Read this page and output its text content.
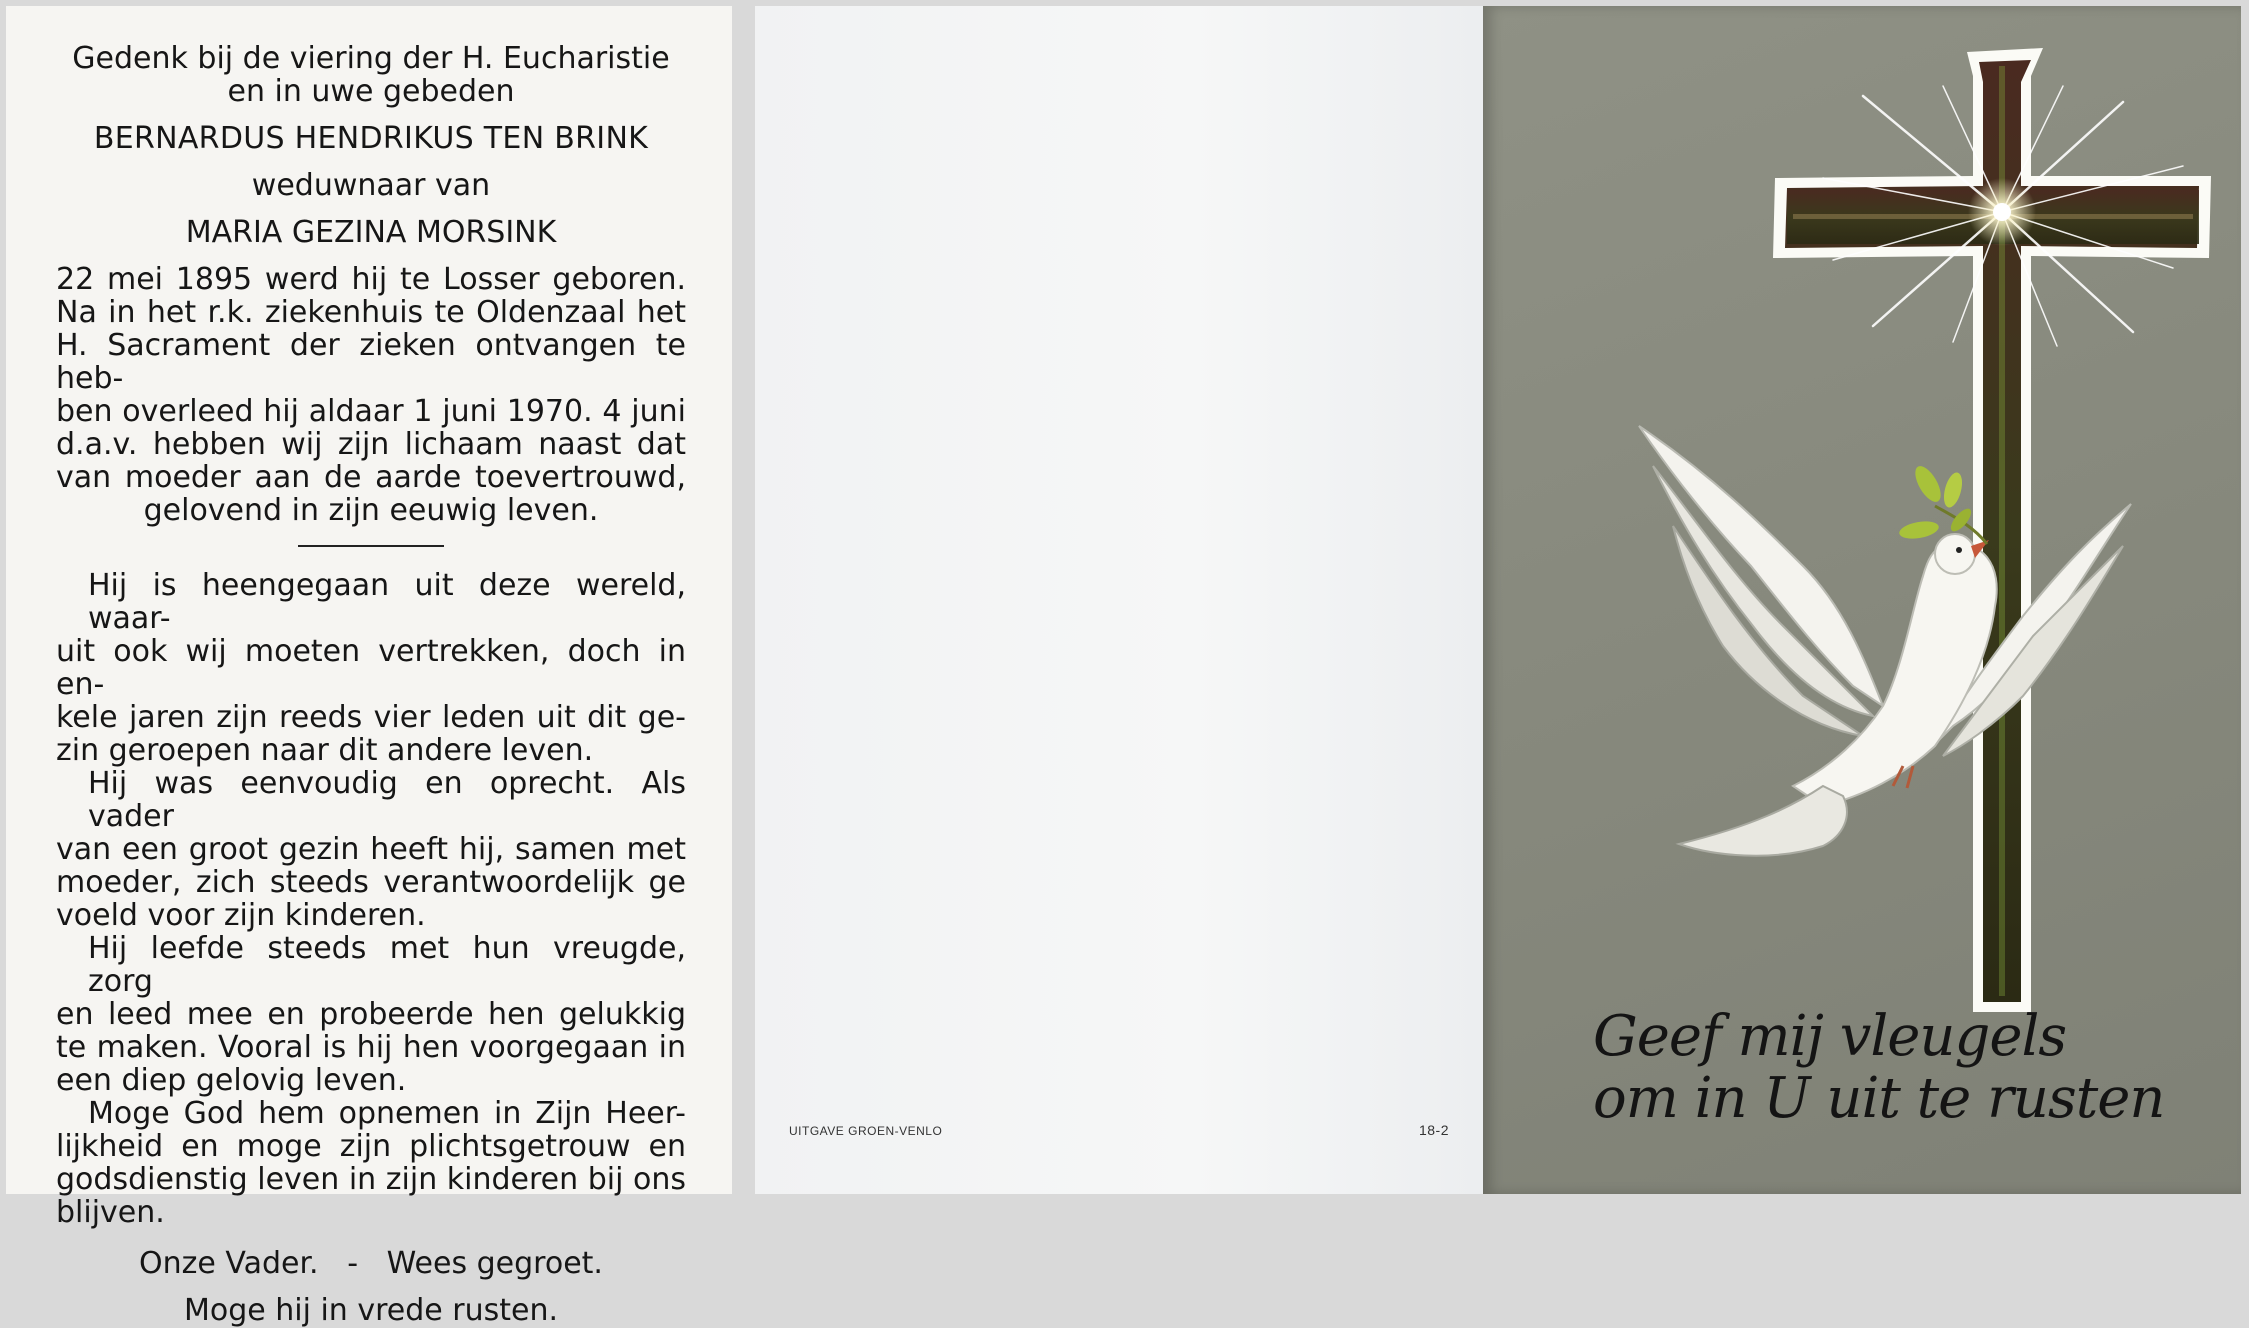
Gedenk bij de viering der H. Eucharistie
en in uwe gebeden
BERNARDUS HENDRIKUS TEN BRINK
weduwnaar van
MARIA GEZINA MORSINK
22 mei 1895 werd hij te Losser geboren.
Na in het r.k. ziekenhuis te Oldenzaal het
H. Sacrament der zieken ontvangen te heb-
ben overleed hij aldaar 1 juni 1970. 4 juni
d.a.v. hebben wij zijn lichaam naast dat
van moeder aan de aarde toevertrouwd,
gelovend in zijn eeuwig leven.
Hij is heengegaan uit deze wereld, waar-
uit ook wij moeten vertrekken, doch in en-
kele jaren zijn reeds vier leden uit dit ge-
zin geroepen naar dit andere leven.
Hij was eenvoudig en oprecht. Als vader
van een groot gezin heeft hij, samen met
moeder, zich steeds verantwoordelijk ge
voeld voor zijn kinderen.
Hij leefde steeds met hun vreugde, zorg
en leed mee en probeerde hen gelukkig
te maken. Vooral is hij hen voorgegaan in
een diep gelovig leven.
Moge God hem opnemen in Zijn Heer-
lijkheid en moge zijn plichtsgetrouw en
godsdienstig leven in zijn kinderen bij ons
blijven.
Onze Vader.   -   Wees gegroet.
Moge hij in vrede rusten.
UITGAVE GROEN-VENLO	18-2
Geef mij vleugels
om in U uit te rusten
